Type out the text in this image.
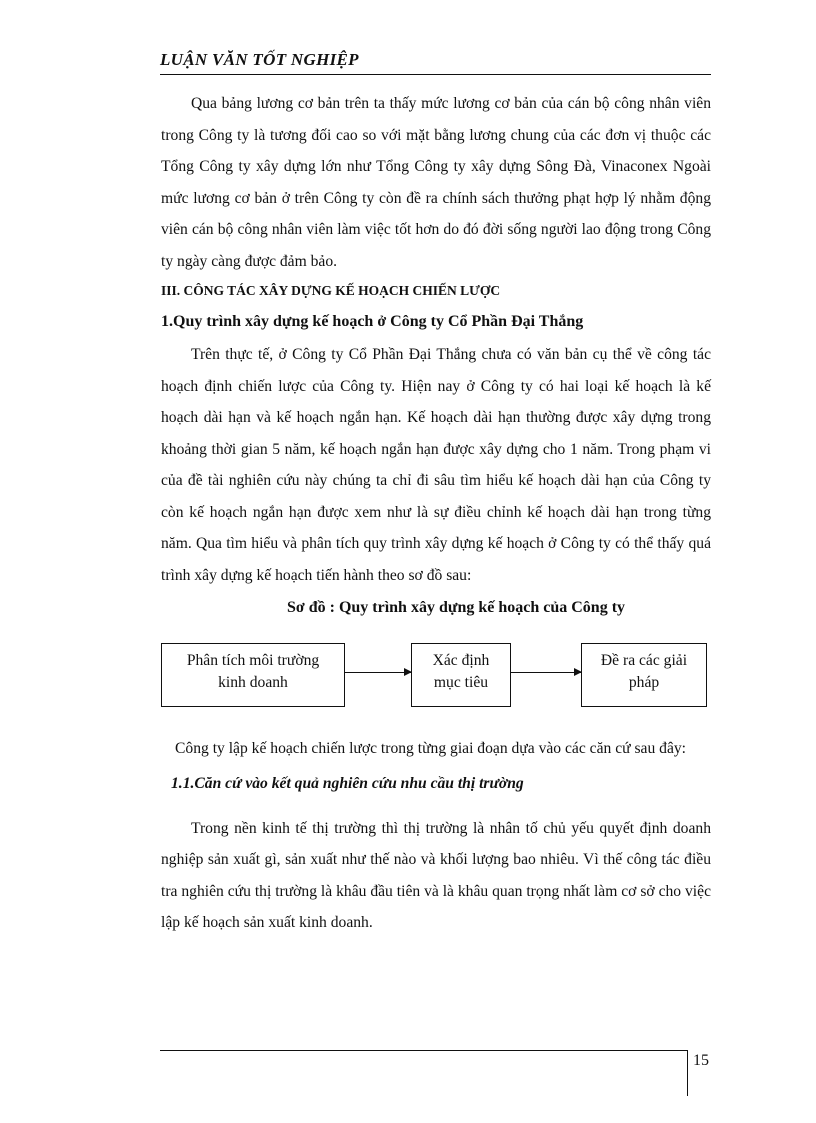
LUẬN VĂN TỐT NGHIỆP

Qua bảng lương cơ bản trên ta thấy mức lương cơ bản của cán bộ công nhân viên trong Công ty là tương đối cao so với mặt bằng lương chung của các đơn vị thuộc các Tổng Công ty xây dựng lớn như Tổng Công ty xây dựng Sông Đà, Vinaconex Ngoài mức lương cơ bản ở trên Công ty còn đề ra chính sách thưởng phạt hợp lý nhằm động viên cán bộ công nhân viên làm việc tốt hơn do đó đời sống người lao động trong Công ty ngày càng được đảm bảo.

III. CÔNG TÁC XÂY DỰNG KẾ HOẠCH CHIẾN LƯỢC

1.Quy trình xây dựng kế hoạch ở Công ty Cổ Phần Đại Thắng

Trên thực tế, ở Công ty Cổ Phần Đại Thắng chưa có văn bản cụ thể về công tác hoạch định chiến lược của Công ty. Hiện nay ở Công ty có hai loại kế hoạch là kế hoạch dài hạn và kế hoạch ngắn hạn. Kế hoạch dài hạn thường được xây dựng trong khoảng thời gian 5 năm, kế hoạch ngắn hạn được xây dựng cho 1 năm. Trong phạm vi của đề tài nghiên cứu này chúng ta chỉ đi sâu tìm hiểu kế hoạch dài hạn của Công ty còn kế hoạch ngắn hạn được xem như là sự điều chỉnh kế hoạch dài hạn trong từng năm. Qua tìm hiểu và phân tích quy trình xây dựng kế hoạch ở Công ty có thể thấy quá trình xây dựng kế hoạch tiến hành theo sơ đồ sau:

Sơ đồ : Quy trình xây dựng kế hoạch của Công ty

Phân tích môi trường
kinh doanh
Xác định
mục tiêu
Đề ra các giải
pháp

Công ty lập kế hoạch chiến lược trong từng giai đoạn dựa vào các căn cứ sau đây:

1.1.Căn cứ vào kết quả nghiên cứu nhu cầu thị trường

Trong nền kinh tế thị trường thì thị trường là nhân tố chủ yếu quyết định doanh nghiệp sản xuất gì, sản xuất như thế nào và khối lượng bao nhiêu. Vì thế công tác điều tra nghiên cứu thị trường là khâu đầu tiên và là khâu quan trọng nhất làm cơ sở cho việc lập kế hoạch sản xuất kinh doanh.

15
